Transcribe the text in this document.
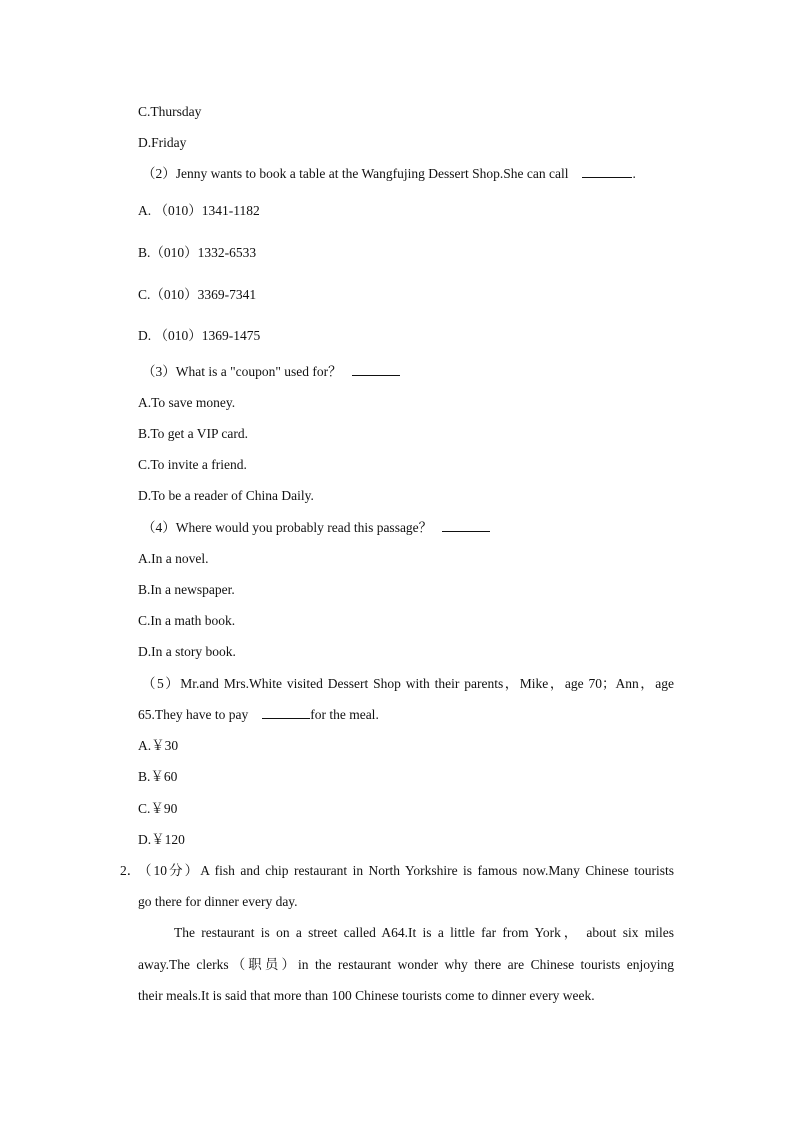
C.Thursday
D.Friday
（2）Jenny wants to book a table at the Wangfujing Dessert Shop.She can call	.
A. （010）1341-1182
B.（010）1332-6533
C.（010）3369-7341
D. （010）1369-1475
（3）What is a "coupon" used for？
A.To save money.
B.To get a VIP card.
C.To invite a friend.
D.To be a reader of China Daily.
（4）Where would you probably read this passage？
A.In a novel.
B.In a newspaper.
C.In a math book.
D.In a story book.
（5）Mr.and Mrs.White visited Dessert Shop with their parents，Mike，age 70；Ann，age
65.They have to pay	for the meal.
A.￥30
B.￥60
C.￥90
D.￥120
2．
（10分）A fish and chip restaurant in North Yorkshire is famous now.Many Chinese tourists
go there for dinner every day.
The restaurant is on a street called A64.It is a little far from York， about six miles
away.The clerks（职员）in the restaurant wonder why there are Chinese tourists enjoying
their meals.It is said that more than 100 Chinese tourists come to dinner every week.
